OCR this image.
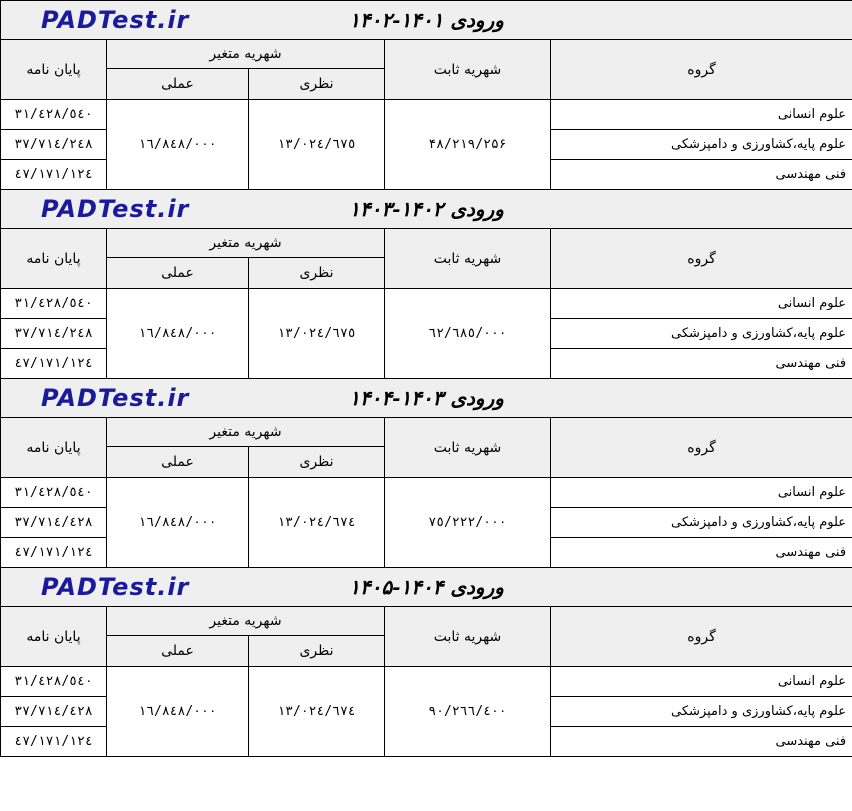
PADTest.ir ورودی ۱۴۰۱-۱۴۰۲				

پایان نامه	شهریه متغیر		شهریه ثابت	گروه
	عملی	نظری		
۳۱/٤۲۸/٥٤۰	۱٦/۸٤۸/۰۰۰	۱۳/۰۲٤/٦٧٥	۴۸/۲۱۹/۲۵۶	علوم انسانی
۳۷/۷۱٤/۲٤۸				علوم پایه،کشاورزی و دامپزشکی
٤۷/۱۷۱/۱۲٤				فنی مهندسی

PADTest.ir ورودی ۱۴۰۲-۱۴۰۳				

پایان نامه	شهریه متغیر		شهریه ثابت	گروه
	عملی	نظری		
۳۱/٤۲۸/٥٤۰	۱٦/۸٤۸/۰۰۰	۱۳/۰۲٤/٦٧٥	٦۲/٦۸٥/۰۰۰	علوم انسانی
۳۷/۷۱٤/۲٤۸				علوم پایه،کشاورزی و دامپزشکی
٤۷/۱۷۱/۱۲٤				فنی مهندسی

PADTest.ir ورودی ۱۴۰۳-۱۴۰۴				

پایان نامه	شهریه متغیر		شهریه ثابت	گروه
	عملی	نظری		
۳۱/٤۲۸/٥٤۰	۱٦/۸٤۸/۰۰۰	۱۳/۰۲٤/٦٧٤	۷٥/۲۲۲/۰۰۰	علوم انسانی
۳۷/۷۱٤/٤۲۸				علوم پایه،کشاورزی و دامپزشکی
٤۷/۱۷۱/۱۲٤				فنی مهندسی

PADTest.ir ورودی ۱۴۰۴-۱۴۰۵				

پایان نامه	شهریه متغیر		شهریه ثابت	گروه
	عملی	نظری		
۳۱/٤۲۸/٥٤۰	۱٦/۸٤۸/۰۰۰	۱۳/۰۲٤/٦٧٤	۹۰/۲٦٦/٤۰۰	علوم انسانی
۳۷/۷۱٤/٤۲۸				علوم پایه،کشاورزی و دامپزشکی
٤۷/۱۷۱/۱۲٤				فنی مهندسی
